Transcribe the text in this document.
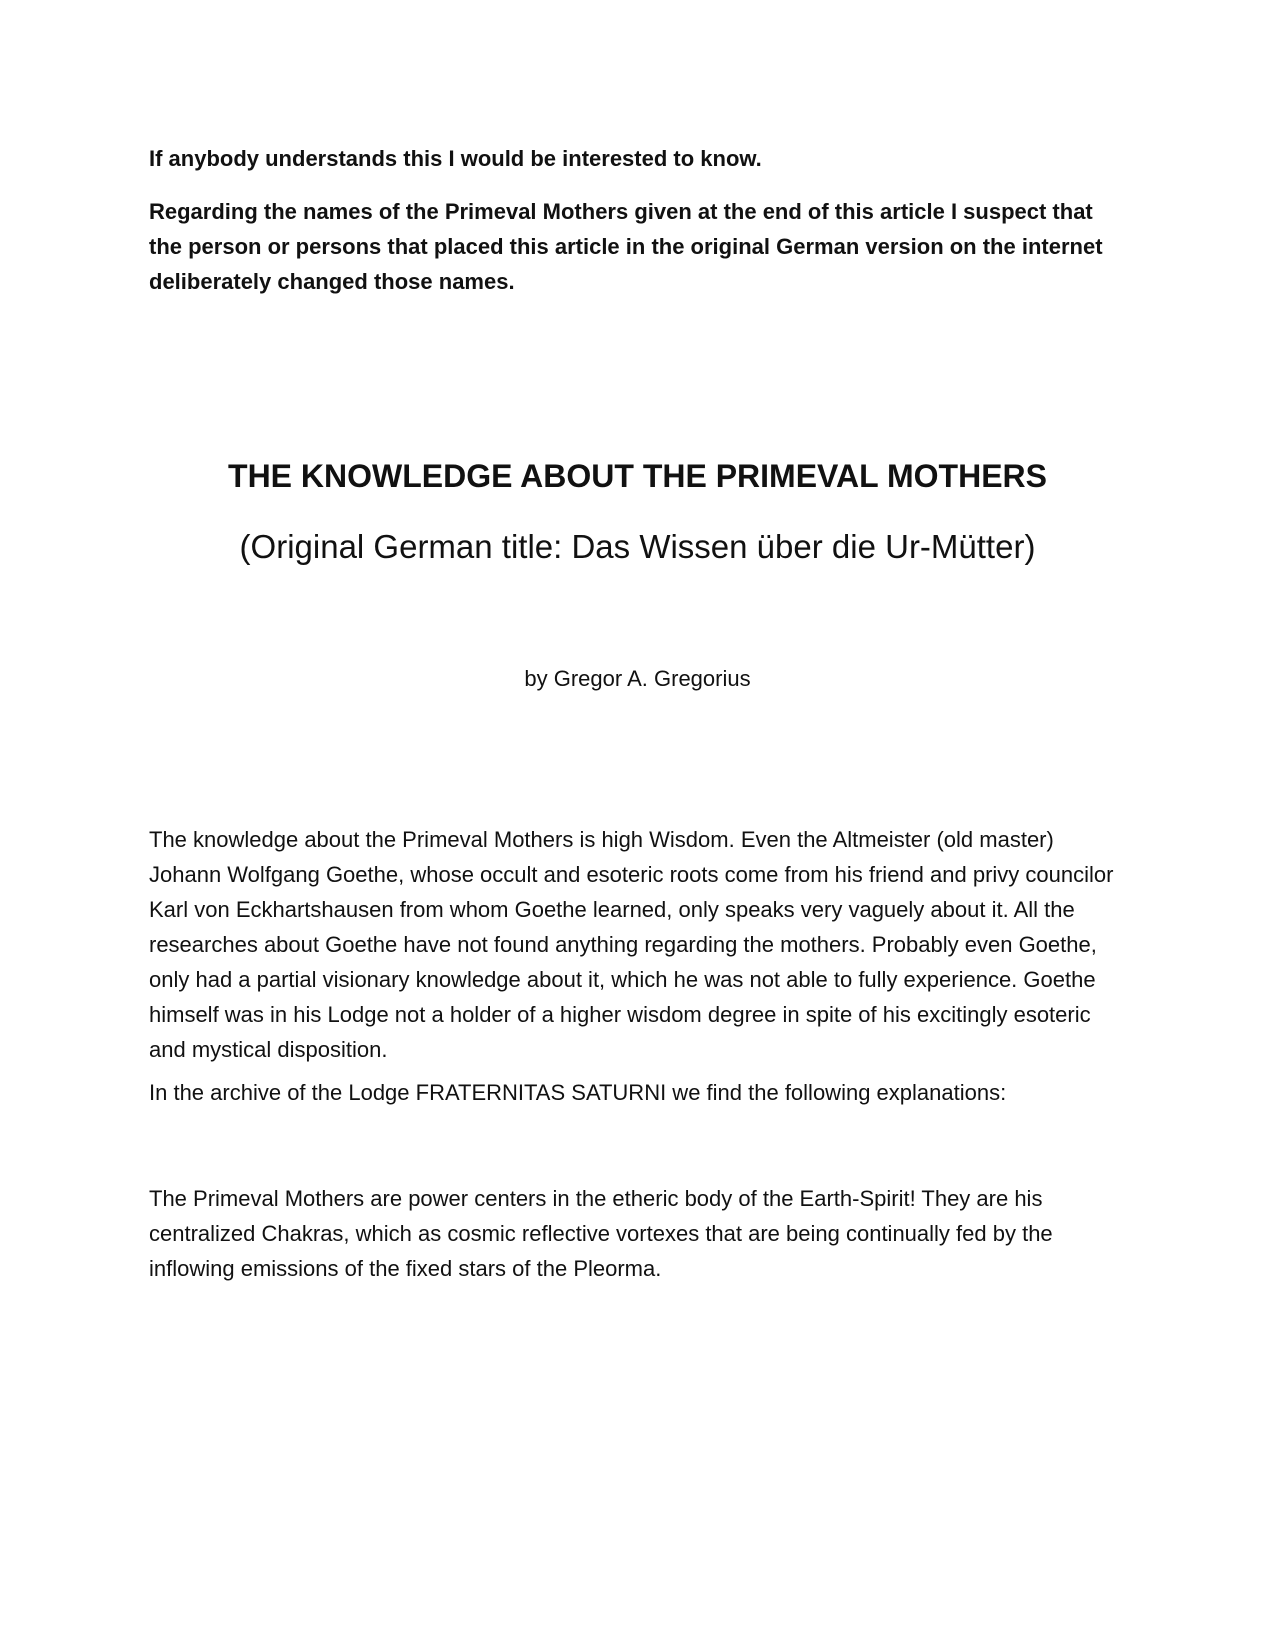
If anybody understands this I would be interested to know.

Regarding the names of the Primeval Mothers given at the end of this article I suspect that the person or persons that placed this article in the original German version on the internet deliberately changed those names.

THE KNOWLEDGE ABOUT THE PRIMEVAL MOTHERS
(Original German title: Das Wissen über die Ur-Mütter)

by Gregor A. Gregorius

The knowledge about the Primeval Mothers is high Wisdom. Even the Altmeister (old master) Johann Wolfgang Goethe, whose occult and esoteric roots come from his friend and privy councilor Karl von Eckhartshausen from whom Goethe learned, only speaks very vaguely about it. All the researches about Goethe have not found anything regarding the mothers. Probably even Goethe, only had a partial visionary knowledge about it, which he was not able to fully experience. Goethe himself was in his Lodge not a holder of a higher wisdom degree in spite of his excitingly esoteric and mystical disposition.

In the archive of the Lodge FRATERNITAS SATURNI we find the following explanations:

The Primeval Mothers are power centers in the etheric body of the Earth-Spirit! They are his centralized Chakras, which as cosmic reflective vortexes that are being continually fed by the inflowing emissions of the fixed stars of the Pleorma.
